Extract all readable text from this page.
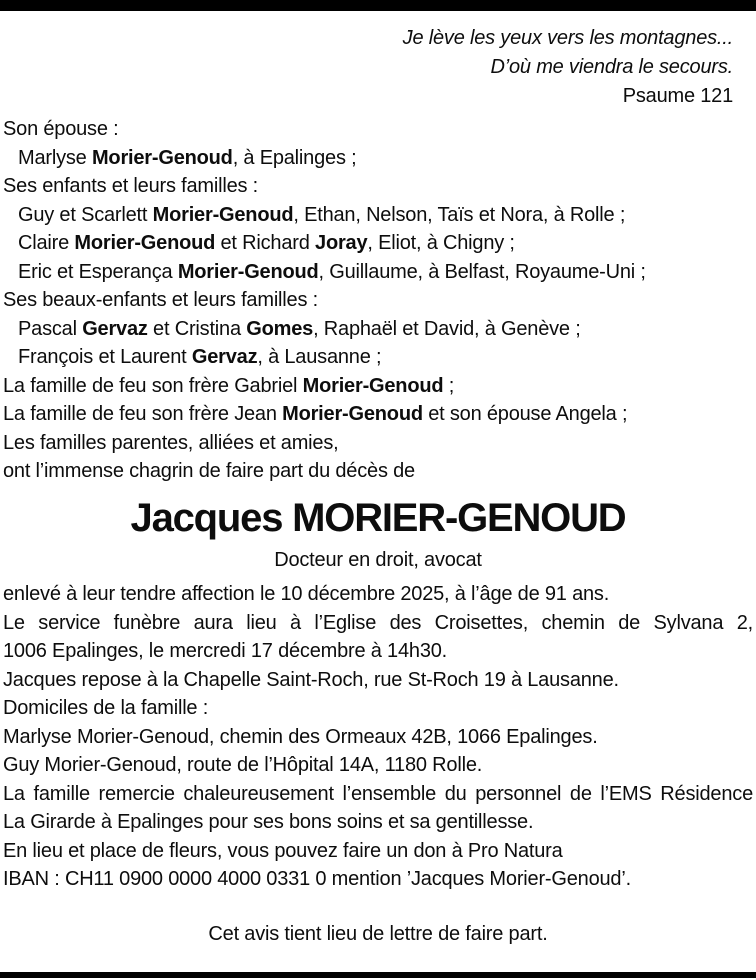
Je lève les yeux vers les montagnes...
D’où me viendra le secours.
Psaume 121
Son épouse :
Marlyse Morier-Genoud, à Epalinges ;
Ses enfants et leurs familles :
Guy et Scarlett Morier-Genoud, Ethan, Nelson, Taïs et Nora, à Rolle ;
Claire Morier-Genoud et Richard Joray, Eliot, à Chigny ;
Eric et Esperança Morier-Genoud, Guillaume, à Belfast, Royaume-Uni ;
Ses beaux-enfants et leurs familles :
Pascal Gervaz et Cristina Gomes, Raphaël et David, à Genève ;
François et Laurent Gervaz, à Lausanne ;
La famille de feu son frère Gabriel Morier-Genoud ;
La famille de feu son frère Jean Morier-Genoud et son épouse Angela ;
Les familles parentes, alliées et amies,
ont l’immense chagrin de faire part du décès de
Jacques MORIER-GENOUD
Docteur en droit, avocat
enlevé à leur tendre affection le 10 décembre 2025, à l’âge de 91 ans.
Le service funèbre aura lieu à l’Eglise des Croisettes, chemin de Sylvana 2,
1006 Epalinges, le mercredi 17 décembre à 14h30.
Jacques repose à la Chapelle Saint-Roch, rue St-Roch 19 à Lausanne.
Domiciles de la famille :
Marlyse Morier-Genoud, chemin des Ormeaux 42B, 1066 Epalinges.
Guy Morier-Genoud, route de l’Hôpital 14A, 1180 Rolle.
La famille remercie chaleureusement l’ensemble du personnel de l’EMS Résidence
La Girarde à Epalinges pour ses bons soins et sa gentillesse.
En lieu et place de fleurs, vous pouvez faire un don à Pro Natura
IBAN : CH11 0900 0000 4000 0331 0 mention ’Jacques Morier-Genoud’.
Cet avis tient lieu de lettre de faire part.
